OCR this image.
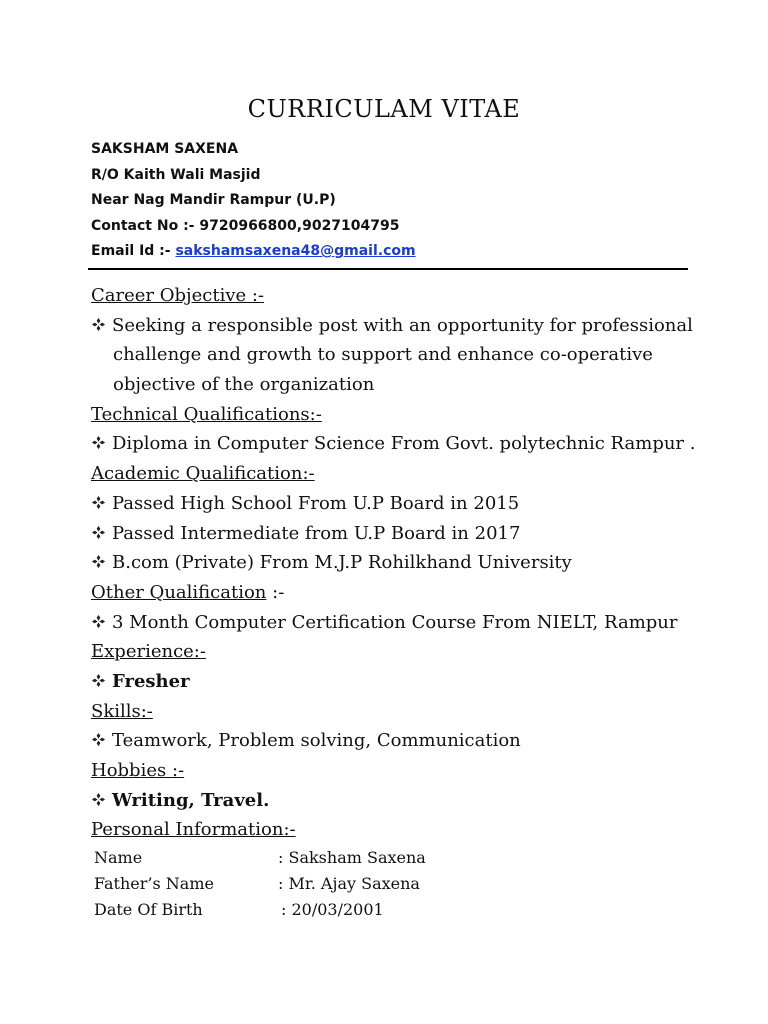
CURRICULAM VITAE
SAKSHAM SAXENA
R/O Kaith Wali Masjid
Near Nag Mandir Rampur (U.P)
Contact No :- 9720966800,9027104795
Email Id :- sakshamsaxena48@gmail.com
Career Objective :-
Seeking a responsible post with an opportunity for professional
challenge and growth to support and enhance co-operative
objective of the organization
Technical Qualifications:-
Diploma in Computer Science From Govt. polytechnic Rampur .
Academic Qualification:-
Passed High School From U.P Board in 2015
Passed Intermediate from U.P Board in 2017
B.com (Private) From M.J.P Rohilkhand University
Other Qualification :-
3 Month Computer Certification Course From NIELT, Rampur
Experience:-
Fresher
Skills:-
Teamwork, Problem solving, Communication
Hobbies :-
Writing, Travel.
Personal Information:-
Name	: Saksham Saxena
Father’s Name	: Mr. Ajay Saxena
Date Of Birth	: 20/03/2001
